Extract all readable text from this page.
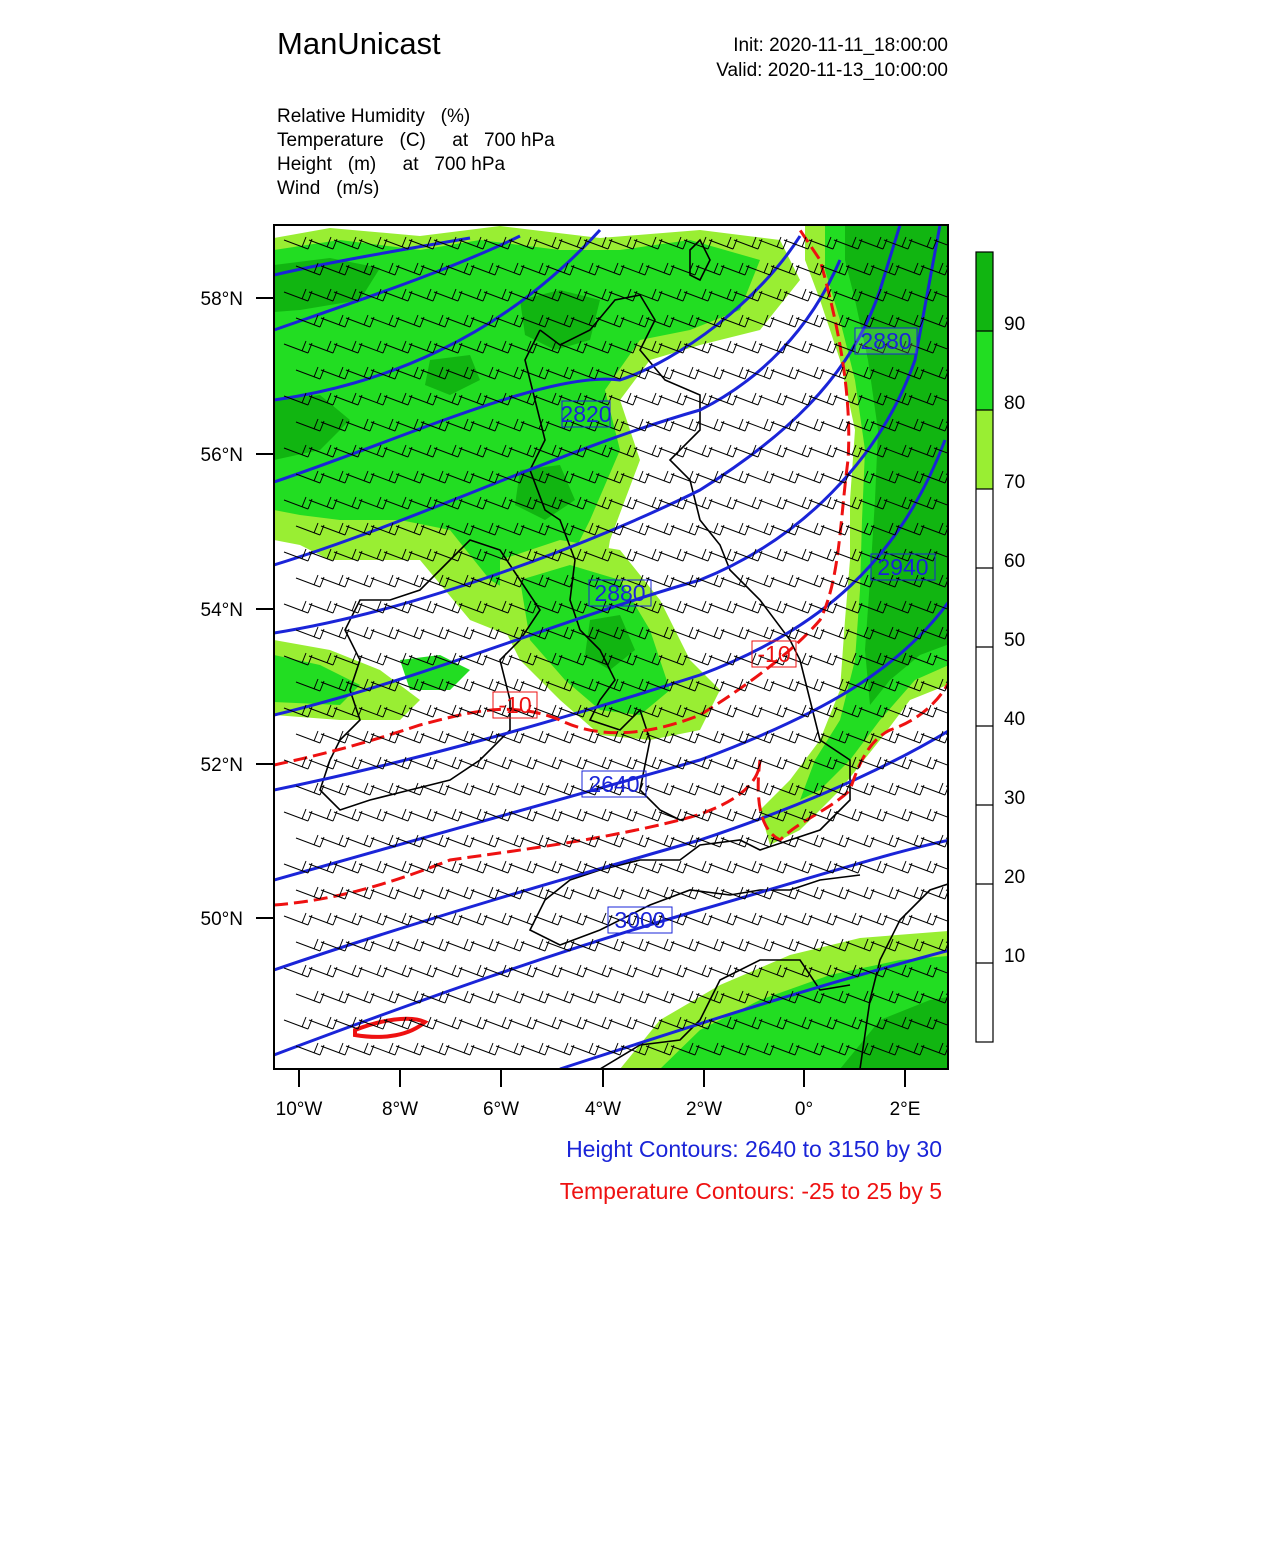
ManUnicast	Init: 2020-11-11_18:00:00
Valid: 2020-11-13_10:00:00
Relative Humidity   (%)
Temperature   (C)     at   700 hPa
Height   (m)     at   700 hPa
Wind   (m/s)
2820
2880
2880
2940
2640
3000
-10
-10
58°N
56°N
54°N
52°N
50°N
10°W	8°W	6°W	4°W	2°W	0°	2°E
90
80
70
60
50
40
30
20
10
Height Contours: 2640 to 3150 by 30
Temperature Contours: -25 to 25 by 5
